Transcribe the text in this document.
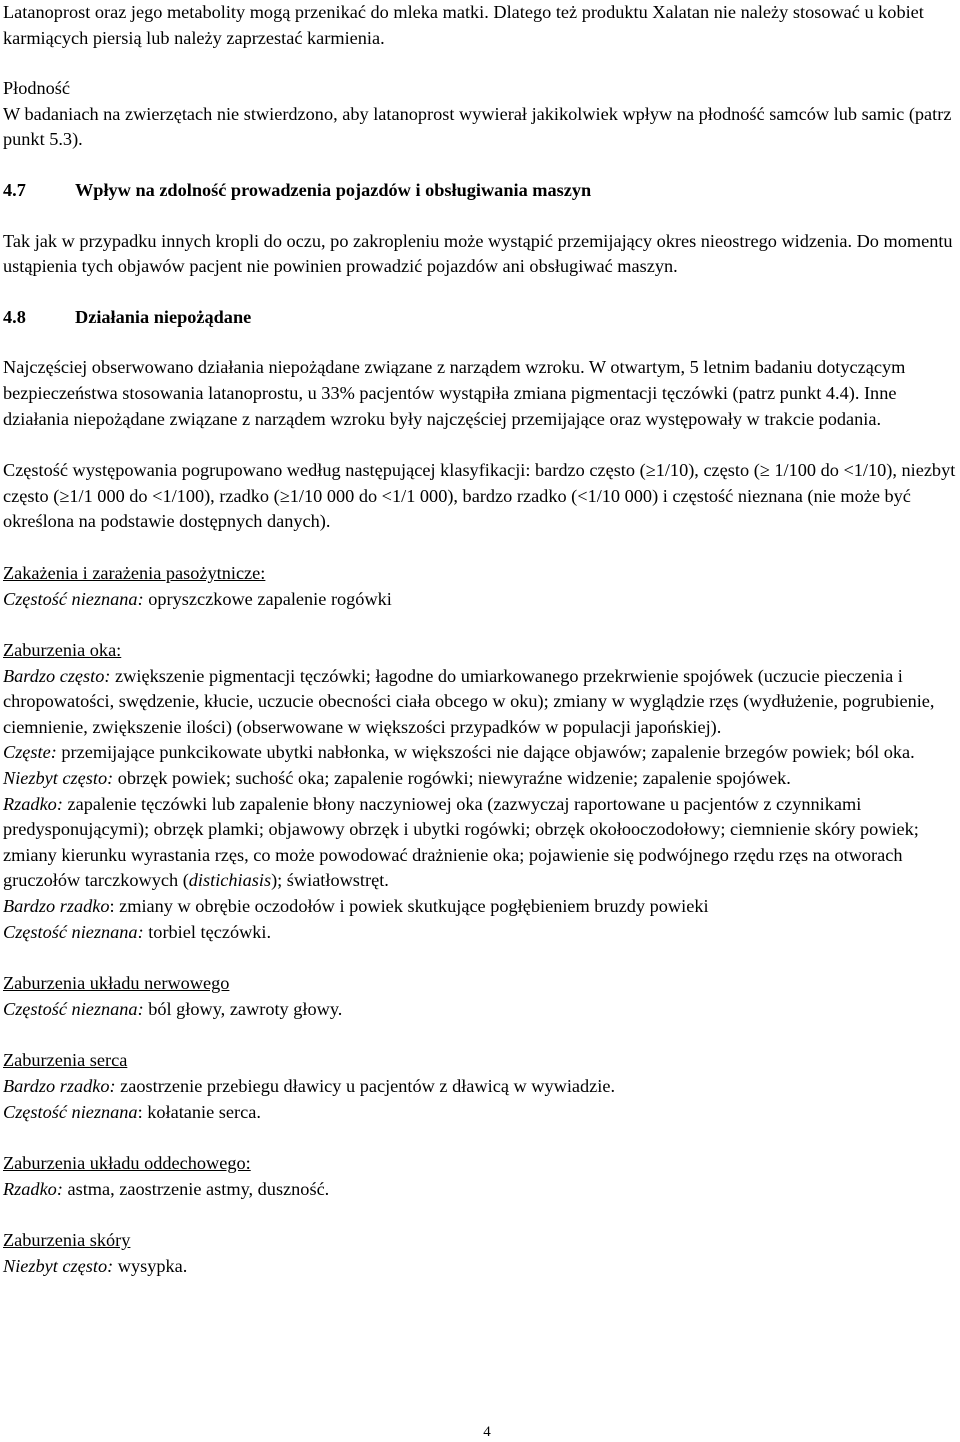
Latanoprost oraz jego metabolity mogą przenikać do mleka matki. Dlatego też produktu Xalatan nie należy stosować u kobiet karmiących piersią lub należy zaprzestać karmienia.

Płodność

W badaniach na zwierzętach nie stwierdzono, aby latanoprost wywierał jakikolwiek wpływ na płodność samców lub samic (patrz punkt 5.3).

4.7	Wpływ na zdolność prowadzenia pojazdów i obsługiwania maszyn

Tak jak w przypadku innych kropli do oczu, po zakropleniu może wystąpić przemijający okres nieostrego widzenia. Do momentu ustąpienia tych objawów pacjent nie powinien prowadzić pojazdów ani obsługiwać maszyn.

4.8	Działania niepożądane

Najczęściej obserwowano działania niepożądane związane z narządem wzroku. W otwartym, 5 letnim badaniu dotyczącym bezpieczeństwa stosowania latanoprostu, u 33% pacjentów wystąpiła zmiana pigmentacji tęczówki (patrz punkt 4.4). Inne działania niepożądane związane z narządem wzroku były najczęściej przemijające oraz występowały w trakcie podania.

Częstość występowania pogrupowano według następującej klasyfikacji: bardzo często (≥1/10), często (≥ 1/100 do <1/10), niezbyt często (≥1/1 000 do <1/100), rzadko (≥1/10 000 do <1/1 000), bardzo rzadko (<1/10 000) i częstość nieznana (nie może być określona na podstawie dostępnych danych).

Zakażenia i zarażenia pasożytnicze:

Częstość nieznana: opryszczkowe zapalenie rogówki

Zaburzenia oka:

Bardzo często: zwiększenie pigmentacji tęczówki; łagodne do umiarkowanego przekrwienie spojówek (uczucie pieczenia i chropowatości, swędzenie, kłucie, uczucie obecności ciała obcego w oku); zmiany w wyglądzie rzęs (wydłużenie, pogrubienie, ciemnienie, zwiększenie ilości) (obserwowane w większości przypadków w populacji japońskiej).

Częste: przemijające punkcikowate ubytki nabłonka, w większości nie dające objawów; zapalenie brzegów powiek; ból oka.

Niezbyt często: obrzęk powiek; suchość oka; zapalenie rogówki; niewyraźne widzenie; zapalenie spojówek.

Rzadko: zapalenie tęczówki lub zapalenie błony naczyniowej oka (zazwyczaj raportowane u pacjentów z czynnikami predysponującymi); obrzęk plamki; objawowy obrzęk i ubytki rogówki; obrzęk okołooczodołowy; ciemnienie skóry powiek; zmiany kierunku wyrastania rzęs, co może powodować drażnienie oka; pojawienie się podwójnego rzędu rzęs na otworach gruczołów tarczkowych (distichiasis); światłowstręt.

Bardzo rzadko: zmiany w obrębie oczodołów i powiek skutkujące pogłębieniem bruzdy powieki

Częstość nieznana: torbiel tęczówki.

Zaburzenia układu nerwowego

Częstość nieznana: ból głowy, zawroty głowy.

Zaburzenia serca

Bardzo rzadko: zaostrzenie przebiegu dławicy u pacjentów z dławicą w wywiadzie.

Częstość nieznana: kołatanie serca.

Zaburzenia układu oddechowego:

Rzadko: astma, zaostrzenie astmy, duszność.

Zaburzenia skóry

Niezbyt często: wysypka.

4
